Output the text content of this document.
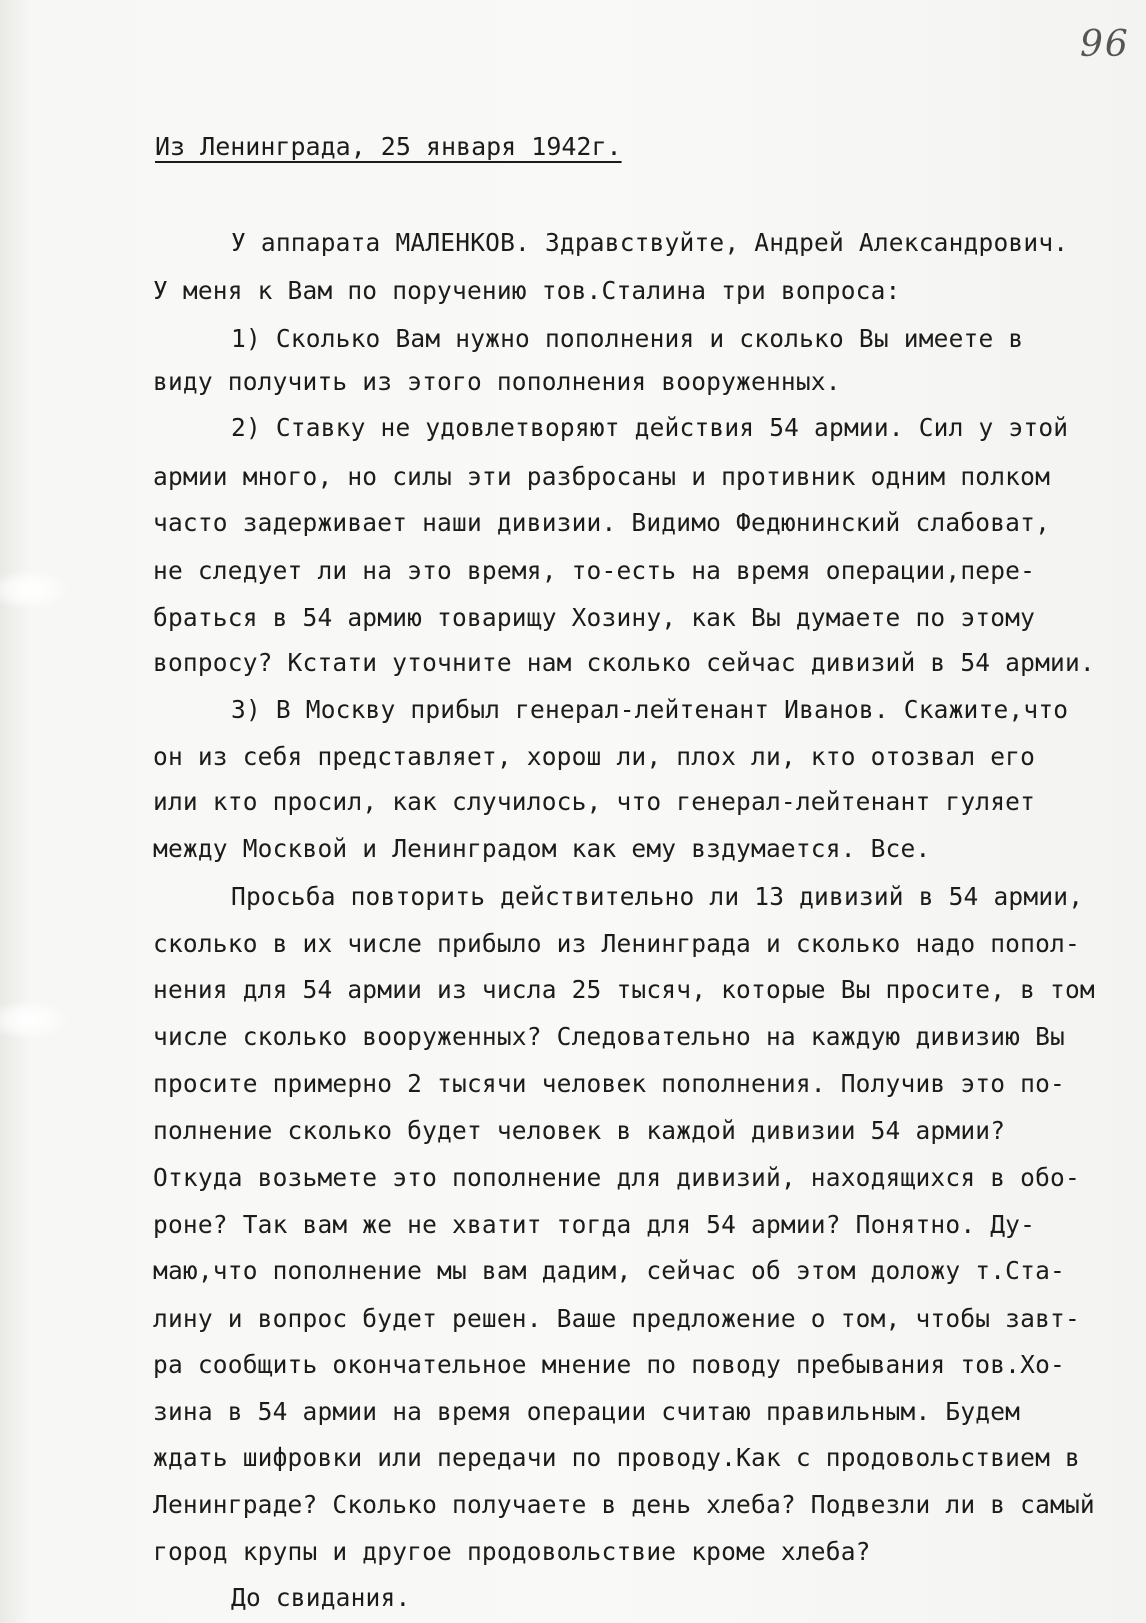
96
Из Ленинграда, 25 января 1942г.
У аппарата МАЛЕНКОВ. Здравствуйте, Андрей Александрович.
У меня к Вам по поручению тов.Сталина три вопроса:
1) Сколько Вам нужно пополнения и сколько Вы имеете в
виду получить из этого пополнения вооруженных.
2) Ставку не удовлетворяют действия 54 армии. Сил у этой
армии много, но силы эти разбросаны и противник одним полком
часто задерживает наши дивизии. Видимо Федюнинский слабоват,
не следует ли на это время, то-есть на время операции,пере-
браться в 54 армию товарищу Хозину, как Вы думаете по этому
вопросу? Кстати уточните нам сколько сейчас дивизий в 54 армии.
3) В Москву прибыл генерал-лейтенант Иванов. Скажите,что
он из себя представляет, хорош ли, плох ли, кто отозвал его
или кто просил, как случилось, что генерал-лейтенант гуляет
между Москвой и Ленинградом как ему вздумается. Все.
Просьба повторить действительно ли 13 дивизий в 54 армии,
сколько в их числе прибыло из Ленинграда и сколько надо попол-
нения для 54 армии из числа 25 тысяч, которые Вы просите, в том
числе сколько вооруженных? Следовательно на каждую дивизию Вы
просите примерно 2 тысячи человек пополнения. Получив это по-
полнение сколько будет человек в каждой дивизии 54 армии?
Откуда возьмете это пополнение для дивизий, находящихся в обо-
роне? Так вам же не хватит тогда для 54 армии? Понятно. Ду-
маю,что пополнение мы вам дадим, сейчас об этом доложу т.Ста-
лину и вопрос будет решен. Ваше предложение о том, чтобы завт-
ра сообщить окончательное мнение по поводу пребывания тов.Хо-
зина в 54 армии на время операции считаю правильным. Будем
ждать шифровки или передачи по проводу.Как с продовольствием в
Ленинграде? Сколько получаете в день хлеба? Подвезли ли в самый
город крупы и другое продовольствие кроме хлеба?
До свидания.
